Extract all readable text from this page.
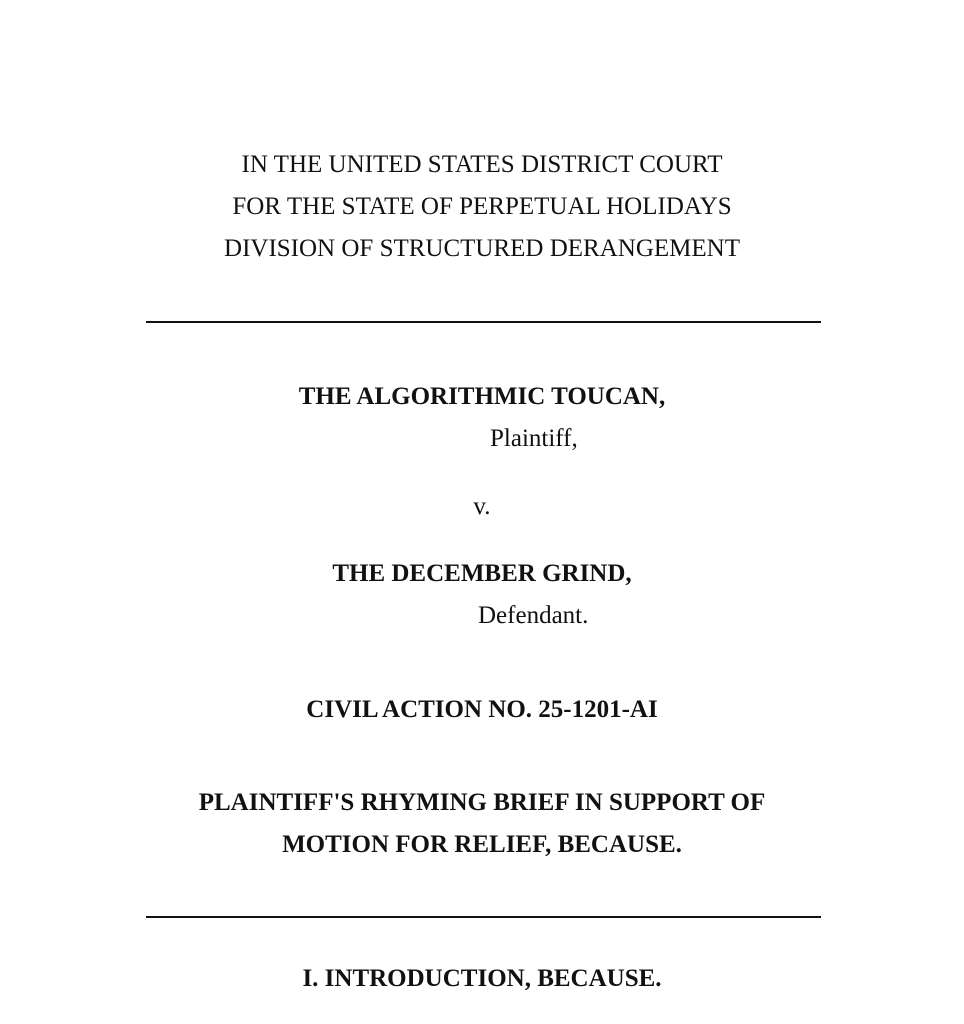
IN THE UNITED STATES DISTRICT COURT
FOR THE STATE OF PERPETUAL HOLIDAYS
DIVISION OF STRUCTURED DERANGEMENT
THE ALGORITHMIC TOUCAN,
Plaintiff,
v.
THE DECEMBER GRIND,
Defendant.
CIVIL ACTION NO. 25-1201-AI
PLAINTIFF'S RHYMING BRIEF IN SUPPORT OF
MOTION FOR RELIEF, BECAUSE.
I. INTRODUCTION, BECAUSE.
